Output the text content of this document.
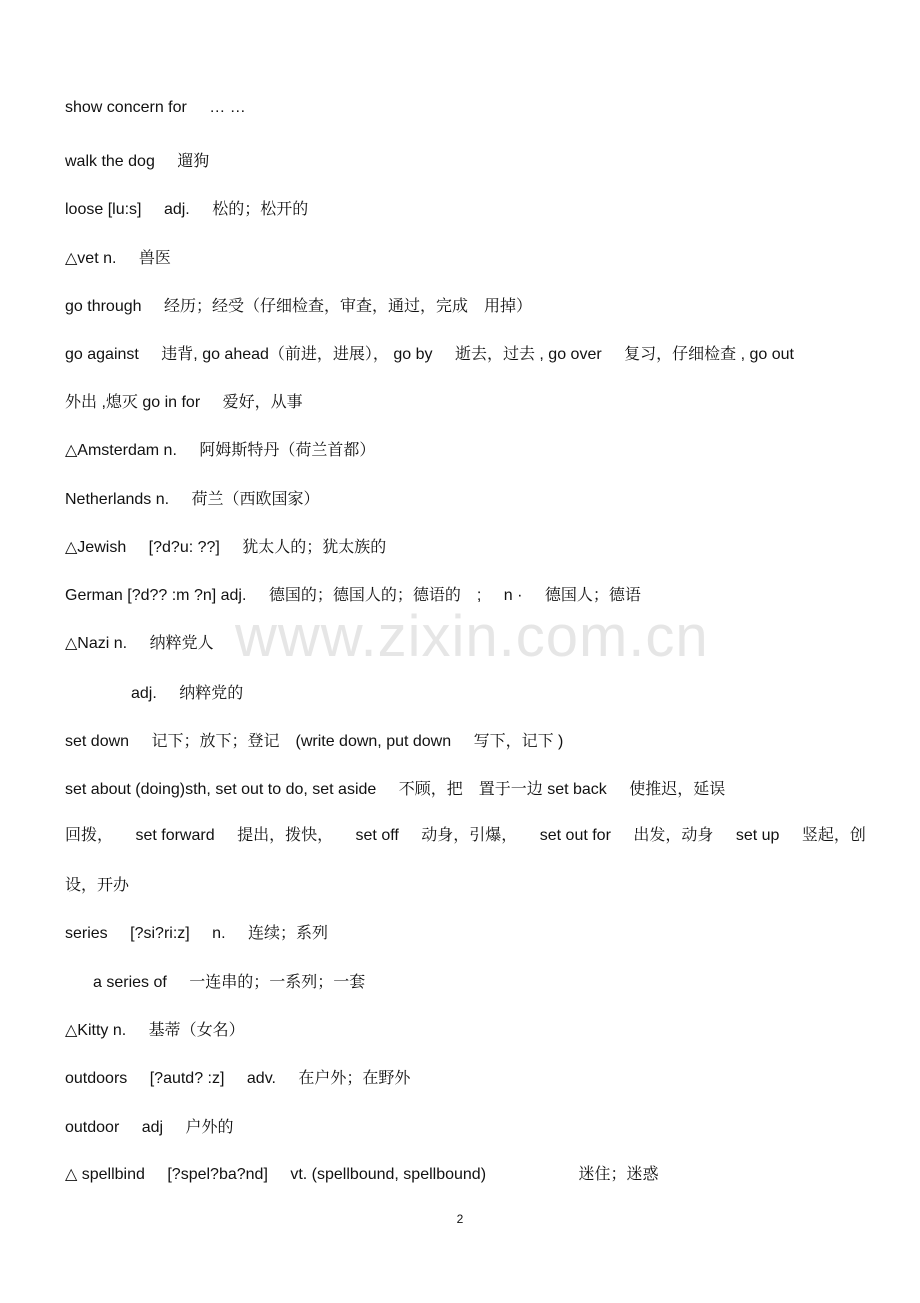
show concern for … …
walk the dog 遛狗
loose [lu:s] adj. 松的；松开的
△vet n. 兽医
go through 经历；经受（仔细检查，审查，通过，完成　用掉）
go against 违背, go ahead（前进，进展）， go by 逝去，过去 , go over 复习，仔细检查 , go out
外出 ,熄灭 go in for 爱好，从事
△Amsterdam n. 阿姆斯特丹（荷兰首都）
Netherlands n. 荷兰（西欧国家）
△Jewish [?d?u: ??] 犹太人的；犹太族的
German [?d?? :m ?n] adj. 德国的；德国人的；德语的　; n · 德国人；德语
△Nazi n. 纳粹党人
adj. 纳粹党的
set down 记下；放下；登记　(write down, put down 写下，记下 )
set about (doing)sth, set out to do, set aside 不顾，把　置于一边 set back 使推迟，延误
回拨， set forward 提出，拨快， set off 动身，引爆， set out for 出发，动身 set up 竖起，创
设，开办
series [?si?ri:z] n. 连续；系列
a series of 一连串的；一系列；一套
△Kitty n. 基蒂（女名）
outdoors [?autd? :z] adv. 在户外；在野外
outdoor adj 户外的
△ spellbind [?spel?ba?nd] vt. (spellbound, spellbound)	迷住；迷惑
www.zixin.com.cn
2
